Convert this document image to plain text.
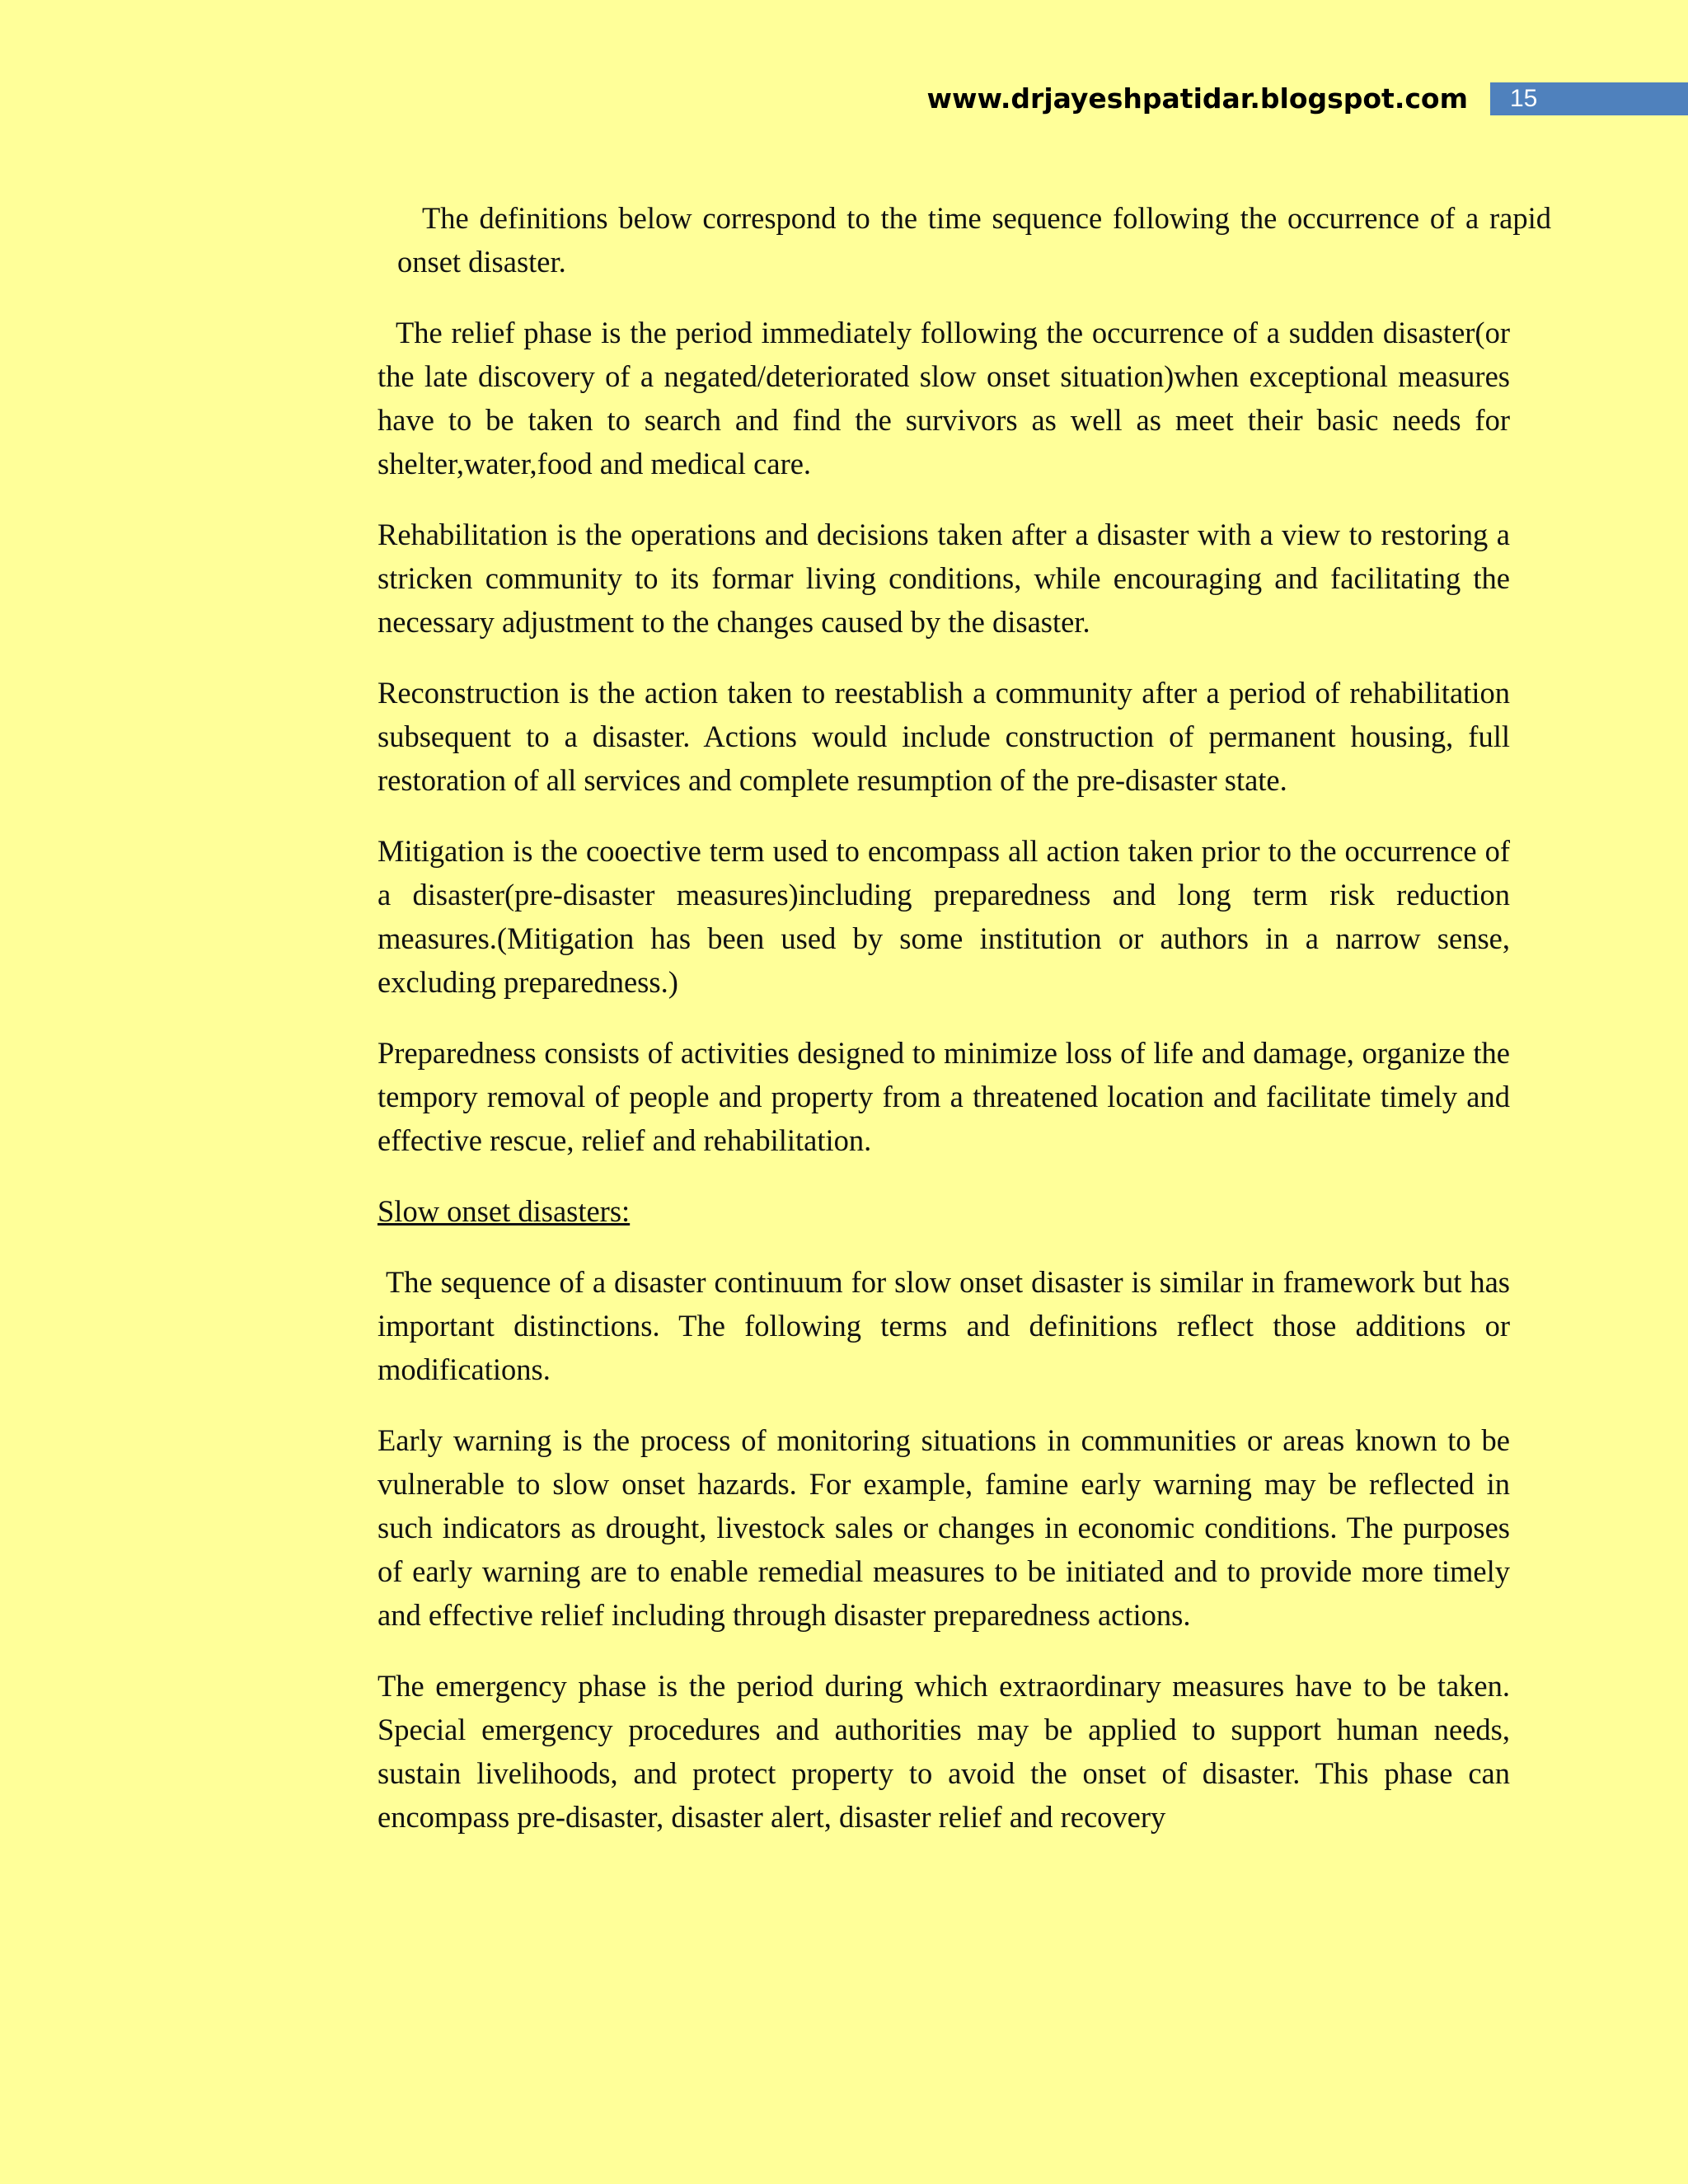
www.drjayeshpatidar.blogspot.com	15

The definitions below correspond to the time sequence following the occurrence of a rapid onset disaster.

The relief phase is the period immediately following the occurrence of a sudden disaster(or the late discovery of a negated/deteriorated slow onset situation)when exceptional measures have to be taken to search and find the survivors as well as meet their basic needs for shelter,water,food and medical care.

Rehabilitation is the operations and decisions taken after a disaster with a view to restoring a stricken community to its formar living conditions, while encouraging and facilitating the necessary adjustment to the changes caused by the disaster.

Reconstruction is the action taken to reestablish a community after a period of rehabilitation subsequent to a disaster. Actions would include construction of permanent housing, full restoration of all services and complete resumption of the pre-disaster state.

Mitigation is the cooective term used to encompass all action taken prior to the occurrence of a disaster(pre-disaster measures)including preparedness and long term risk reduction measures.(Mitigation has been used by some institution or authors in a narrow sense, excluding preparedness.)

Preparedness consists of activities designed to minimize loss of life and damage, organize the tempory removal of people and property from a threatened location and facilitate timely and effective rescue, relief and rehabilitation.

Slow onset disasters:

The sequence of a disaster continuum for slow onset disaster is similar in framework but has important distinctions. The following terms and definitions reflect those additions or modifications.

Early warning is the process of monitoring situations in communities or areas known to be vulnerable to slow onset hazards. For example, famine early warning may be reflected in such indicators as drought, livestock sales or changes in economic conditions. The purposes of early warning are to enable remedial measures to be initiated and to provide more timely and effective relief including through disaster preparedness actions.

The emergency phase is the period during which extraordinary measures have to be taken. Special emergency procedures and authorities may be applied to support human needs, sustain livelihoods, and protect property to avoid the onset of disaster. This phase can encompass pre-disaster, disaster alert, disaster relief and recovery
